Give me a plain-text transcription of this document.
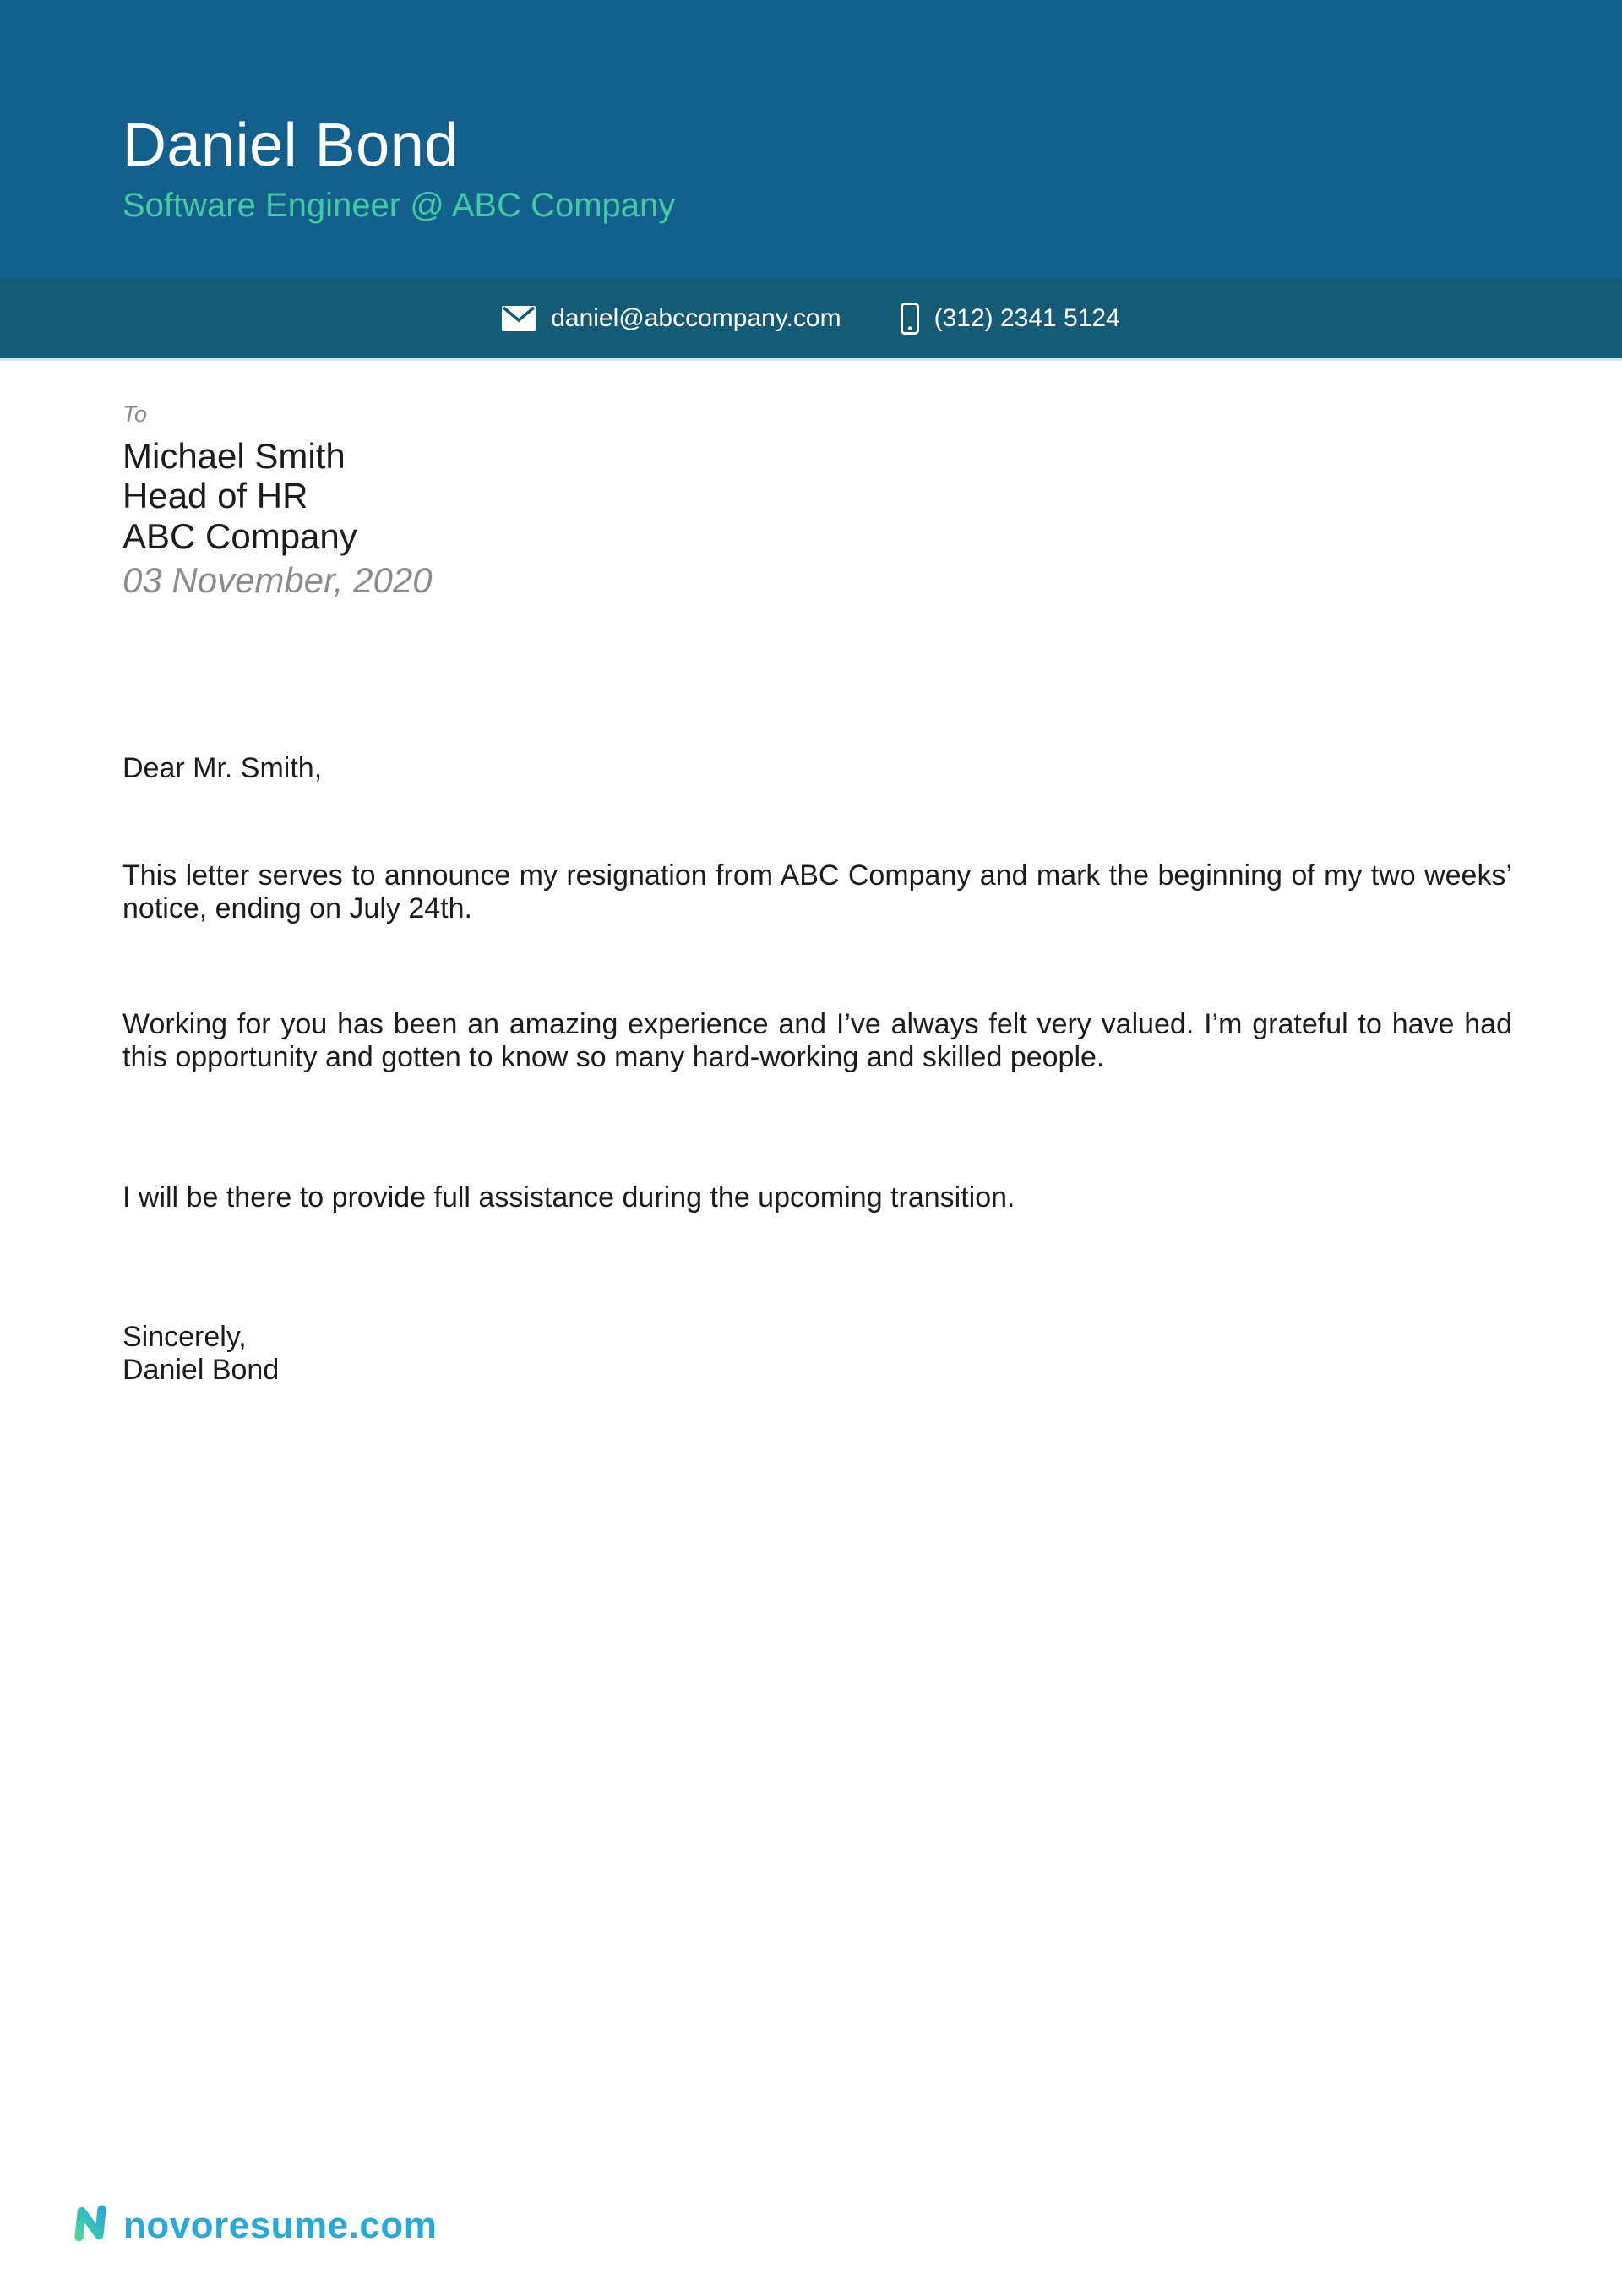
Daniel Bond
Software Engineer @ ABC Company
daniel@abccompany.com	(312) 2341 5124
To
Michael Smith
Head of HR
ABC Company
03 November, 2020
Dear Mr. Smith,

This letter serves to announce my resignation from ABC Company and mark the beginning of my two weeks’ notice, ending on July 24th.

Working for you has been an amazing experience and I’ve always felt very valued. I’m grateful to have had this opportunity and gotten to know so many hard-working and skilled people.

I will be there to provide full assistance during the upcoming transition.

Sincerely,
Daniel Bond
novoresume.com
